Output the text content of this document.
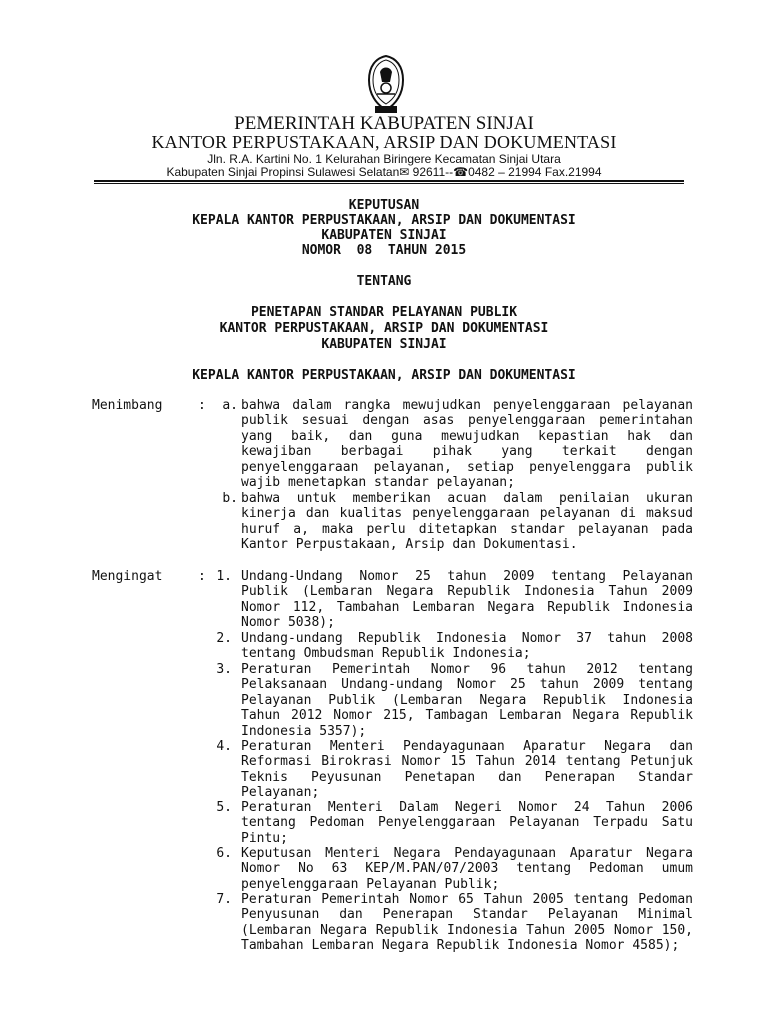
PEMERINTAH KABUPATEN SINJAI
KANTOR PERPUSTAKAAN, ARSIP DAN DOKUMENTASI
Jln. R.A. Kartini No. 1 Kelurahan Biringere Kecamatan Sinjai Utara
Kabupaten Sinjai Propinsi Sulawesi Selatan✉ 92611--☎0482 – 21994 Fax.21994
KEPUTUSAN
KEPALA KANTOR PERPUSTAKAAN, ARSIP DAN DOKUMENTASI
KABUPATEN SINJAI
NOMOR  08  TAHUN 2015
TENTANG
PENETAPAN STANDAR PELAYANAN PUBLIK
KANTOR PERPUSTAKAAN, ARSIP DAN DOKUMENTASI
KABUPATEN SINJAI
KEPALA KANTOR PERPUSTAKAAN, ARSIP DAN DOKUMENTASI
Menimbang	:	a. bahwa dalam rangka mewujudkan penyelenggaraan pelayanan publik sesuai dengan asas penyelenggaraan pemerintahan yang baik, dan guna mewujudkan kepastian hak dan kewajiban berbagai pihak yang terkait dengan penyelenggaraan pelayanan, setiap penyelenggara publik wajib menetapkan standar pelayanan;
b. bahwa untuk memberikan acuan dalam penilaian ukuran kinerja dan kualitas penyelenggaraan pelayanan di maksud huruf a, maka perlu ditetapkan standar pelayanan pada Kantor Perpustakaan, Arsip dan Dokumentasi.
Mengingat	: 1. Undang-Undang Nomor 25 tahun 2009 tentang Pelayanan Publik (Lembaran Negara Republik Indonesia Tahun 2009 Nomor 112, Tambahan Lembaran Negara Republik Indonesia Nomor 5038);
2. Undang-undang Republik Indonesia Nomor 37 tahun 2008 tentang Ombudsman Republik Indonesia;
3. Peraturan Pemerintah Nomor 96 tahun 2012 tentang Pelaksanaan Undang-undang Nomor 25 tahun 2009 tentang Pelayanan Publik (Lembaran Negara Republik Indonesia Tahun 2012 Nomor 215, Tambagan Lembaran Negara Republik Indonesia 5357);
4. Peraturan Menteri Pendayagunaan Aparatur Negara dan Reformasi Birokrasi Nomor 15 Tahun 2014 tentang Petunjuk Teknis Peyusunan Penetapan dan Penerapan Standar Pelayanan;
5. Peraturan Menteri Dalam Negeri Nomor 24 Tahun 2006 tentang Pedoman Penyelenggaraan Pelayanan Terpadu Satu Pintu;
6. Keputusan Menteri Negara Pendayagunaan Aparatur Negara Nomor No 63 KEP/M.PAN/07/2003 tentang Pedoman umum penyelenggaraan Pelayanan Publik;
7. Peraturan Pemerintah Nomor 65 Tahun 2005 tentang Pedoman Penyusunan dan Penerapan Standar Pelayanan Minimal (Lembaran Negara Republik Indonesia Tahun 2005 Nomor 150, Tambahan Lembaran Negara Republik Indonesia Nomor 4585);
